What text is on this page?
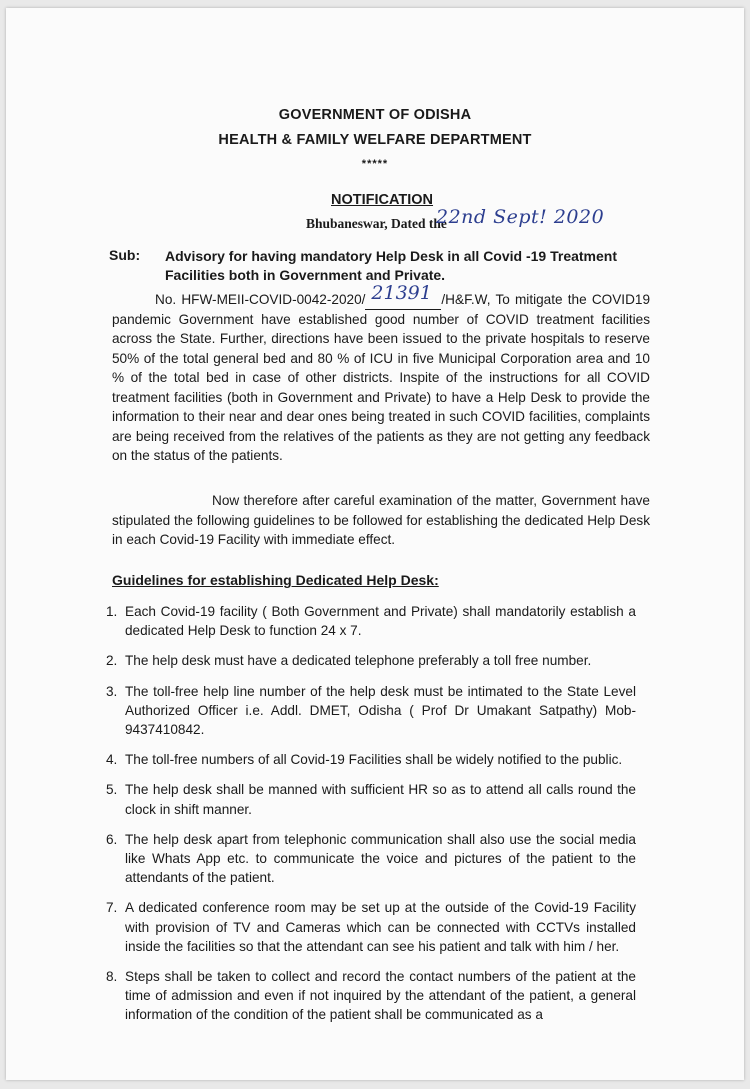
GOVERNMENT OF ODISHA
HEALTH & FAMILY WELFARE DEPARTMENT
*****
NOTIFICATION
Bhubaneswar, Dated the
22nd Sept! 2020
Sub: Advisory for having mandatory Help Desk in all Covid -19 Treatment Facilities both in Government and Private.
No. HFW-MEII-COVID-0042-2020/ 21391 /H&F.W, To mitigate the COVID19 pandemic Government have established good number of COVID treatment facilities across the State. Further, directions have been issued to the private hospitals to reserve 50% of the total general bed and 80 % of ICU in five Municipal Corporation area and 10 % of the total bed in case of other districts. Inspite of the instructions for all COVID treatment facilities (both in Government and Private) to have a Help Desk to provide the information to their near and dear ones being treated in such COVID facilities, complaints are being received from the relatives of the patients as they are not getting any feedback on the status of the patients.
Now therefore after careful examination of the matter, Government have stipulated the following guidelines to be followed for establishing the dedicated Help Desk in each Covid-19 Facility with immediate effect.
Guidelines for establishing Dedicated Help Desk:
1. Each Covid-19 facility ( Both Government and Private) shall mandatorily establish a dedicated Help Desk to function 24 x 7.
2. The help desk must have a dedicated telephone preferably a toll free number.
3. The toll-free help line number of the help desk must be intimated to the State Level Authorized Officer i.e. Addl. DMET, Odisha ( Prof Dr Umakant Satpathy) Mob- 9437410842.
4. The toll-free numbers of all Covid-19 Facilities shall be widely notified to the public.
5. The help desk shall be manned with sufficient HR so as to attend all calls round the clock in shift manner.
6. The help desk apart from telephonic communication shall also use the social media like Whats App etc. to communicate the voice and pictures of the patient to the attendants of the patient.
7. A dedicated conference room may be set up at the outside of the Covid-19 Facility with provision of TV and Cameras which can be connected with CCTVs installed inside the facilities so that the attendant can see his patient and talk with him / her.
8. Steps shall be taken to collect and record the contact numbers of the patient at the time of admission and even if not inquired by the attendant of the patient, a general information of the condition of the patient shall be communicated as a
